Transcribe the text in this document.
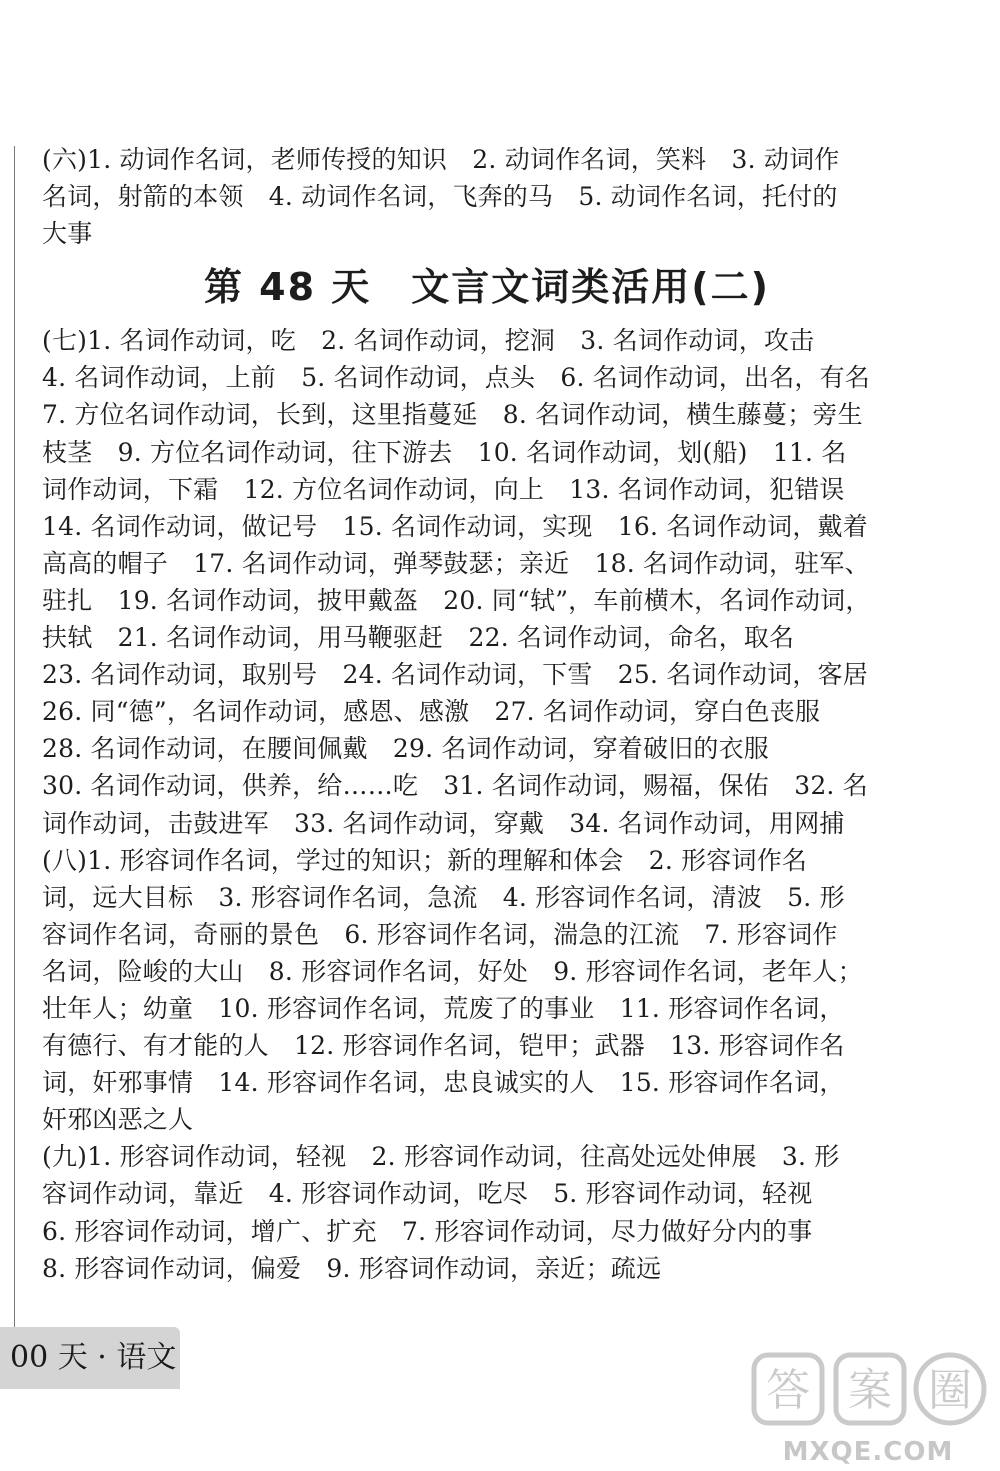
(六)1. 动词作名词，老师传授的知识　2. 动词作名词，笑料　3. 动词作
名词，射箭的本领　4. 动词作名词，飞奔的马　5. 动词作名词，托付的
大事
第 48 天　文言文词类活用(二)
(七)1. 名词作动词，吃　2. 名词作动词，挖洞　3. 名词作动词，攻击
4. 名词作动词，上前　5. 名词作动词，点头　6. 名词作动词，出名，有名
7. 方位名词作动词，长到，这里指蔓延　8. 名词作动词，横生藤蔓；旁生
枝茎　9. 方位名词作动词，往下游去　10. 名词作动词，划(船)　11. 名
词作动词，下霜　12. 方位名词作动词，向上　13. 名词作动词，犯错误
14. 名词作动词，做记号　15. 名词作动词，实现　16. 名词作动词，戴着
高高的帽子　17. 名词作动词，弹琴鼓瑟；亲近　18. 名词作动词，驻军、
驻扎　19. 名词作动词，披甲戴盔　20. 同“轼”，车前横木，名词作动词，
扶轼　21. 名词作动词，用马鞭驱赶　22. 名词作动词，命名，取名
23. 名词作动词，取别号　24. 名词作动词，下雪　25. 名词作动词，客居
26. 同“德”，名词作动词，感恩、感激　27. 名词作动词，穿白色丧服
28. 名词作动词，在腰间佩戴　29. 名词作动词，穿着破旧的衣服
30. 名词作动词，供养，给……吃　31. 名词作动词，赐福，保佑　32. 名
词作动词，击鼓进军　33. 名词作动词，穿戴　34. 名词作动词，用网捕
(八)1. 形容词作名词，学过的知识；新的理解和体会　2. 形容词作名
词，远大目标　3. 形容词作名词，急流　4. 形容词作名词，清波　5. 形
容词作名词，奇丽的景色　6. 形容词作名词，湍急的江流　7. 形容词作
名词，险峻的大山　8. 形容词作名词，好处　9. 形容词作名词，老年人；
壮年人；幼童　10. 形容词作名词，荒废了的事业　11. 形容词作名词，
有德行、有才能的人　12. 形容词作名词，铠甲；武器　13. 形容词作名
词，奸邪事情　14. 形容词作名词，忠良诚实的人　15. 形容词作名词，
奸邪凶恶之人
(九)1. 形容词作动词，轻视　2. 形容词作动词，往高处远处伸展　3. 形
容词作动词，靠近　4. 形容词作动词，吃尽　5. 形容词作动词，轻视
6. 形容词作动词，增广、扩充　7. 形容词作动词，尽力做好分内的事
8. 形容词作动词，偏爱　9. 形容词作动词，亲近；疏远
00 天 · 语文
答 案 圈
MXQE.COM
